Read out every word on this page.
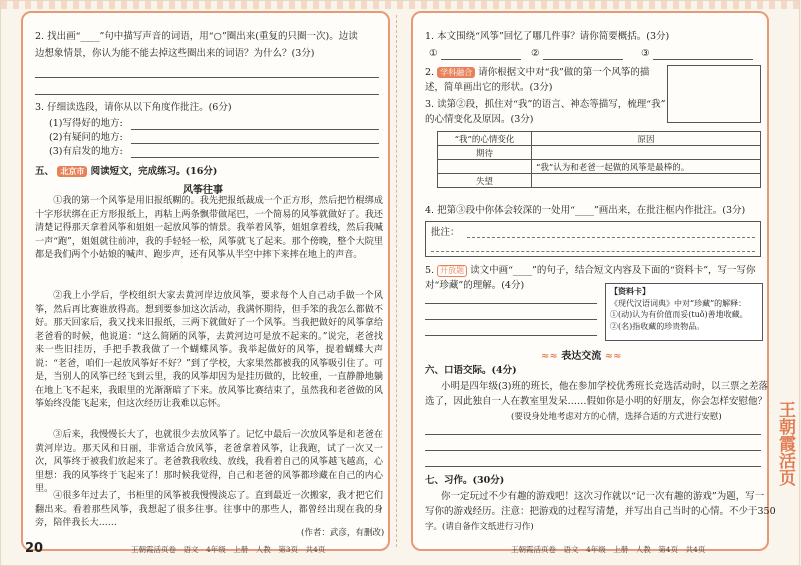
2. 找出画“____”句中描写声音的词语，用“○”圈出来(重复的只圈一次)。边读
边想象情景，你认为能不能去掉这些圈出来的词语？为什么？(3分)
3. 仔细读选段，请你从以下角度作批注。(6分)
(1)写得好的地方:
(2)有疑问的地方:
(3)有启发的地方:
五、 北京市 阅读短文，完成练习。(16分)
风筝往事
①我的第一个风筝是用旧报纸糊的。我先把报纸裁成一个正方形，然后把竹棍绑成十字形状绑在正方形报纸上，再粘上两条飘带做尾巴，一个简易的风筝就做好了。我还清楚记得那天拿着风筝和姐姐一起放风筝的情景。我举着风筝，姐姐拿着线，然后我喊一声“跑”，姐姐就往前冲，我的手轻轻一松，风筝就飞了起来。那个傍晚，整个大院里都是我们两个小姑娘的喊声、跑步声，还有风筝从半空中摔下来摔在地上的声音。
②我上小学后，学校组织大家去黄河岸边放风筝，要求每个人自己动手做一个风筝，然后再比赛谁放得高。想到要参加这次活动，我满怀期待，但手笨的我怎么都做不好。那天回家后，我又找来旧报纸，三两下就做好了一个风筝。当我把做好的风筝拿给老爸看的时候，他说道：“这么简陋的风筝，去黄河边可是放不起来的。”说完，老爸找来一些旧挂历，手把手教我做了一个蝴蝶风筝。我举起做好的风筝，提着蝴蝶大声说：“老爸，咱们一起放风筝好不好？”到了学校，大家果然都被我的风筝吸引住了。可是，当别人的风筝已经飞到云里，我的风筝却因为是挂历做的，比较重，一直静静地躺在地上飞不起来，我眼里的光渐渐暗了下来。放风筝比赛结束了，虽然我和老爸做的风筝始终没能飞起来，但这次经历让我难以忘怀。
③后来，我慢慢长大了，也就很少去放风筝了。记忆中最后一次放风筝是和老爸在黄河岸边。那天风和日丽，非常适合放风筝，老爸拿着风筝，让我跑，试了一次又一次，风筝终于被我们放起来了。老爸教我收线、放线，我看着自己的风筝越飞越高，心里想：我的风筝终于飞起来了！那时候我觉得，自己和老爸的风筝都珍藏在自己的内心里。
④很多年过去了，书柜里的风筝被我慢慢淡忘了。直到最近一次搬家，我才把它们翻出来。看着那些风筝，我想起了很多往事。往事中的那些人，都曾经出现在我的身旁，陪伴我长大……
(作者：武彦，有删改)
20	王朝霞活页卷　语文　4年级　上册　人教　第3页　共4页
1. 本文围绕“风筝”回忆了哪几件事？请你简要概括。(3分)
①	②	③
2. 学科融合 请你根据文中对“我”做的第一个风筝的描
述，简单画出它的形状。(3分)
3. 读第②段，抓住对“我”的语言、神态等描写，梳理“我”
的心情变化及原因。(3分)
“我”的心情变化	原因
期待	
	“我”认为和老爸一起做的风筝是最棒的。
失望	
4. 把第③段中你体会较深的一处用“____”画出来，在批注框内作批注。(3分)
批注：
5. 开放题 读文中画“____”的句子，结合短文内容及下面的“资料卡”，写一写你
对“珍藏”的理解。(4分)	【资料卡】
《现代汉语词典》中对“珍藏”的解释：
①(动)认为有价值而妥(tuǒ)善地收藏。
②(名)指收藏的珍贵物品。
≈≈ 表达交流 ≈≈
六、口语交际。(4分)
小明是四年级(3)班的班长，他在参加学校优秀班长竞选活动时，以三票之差落
选了，因此独自一人在教室里发呆……假如你是小明的好朋友，你会怎样安慰他？
(要设身处地考虑对方的心情，选择合适的方式进行安慰)
七、习作。(30分)
你一定玩过不少有趣的游戏吧！这次习作就以“记一次有趣的游戏”为题，写一
写你的游戏经历。注意：把游戏的过程写清楚，并写出自己当时的心情。不少于350
字。(请自备作文纸进行习作)
王朝霞活页卷　语文　4年级　上册　人教　第4页　共4页
王朝霞活页
